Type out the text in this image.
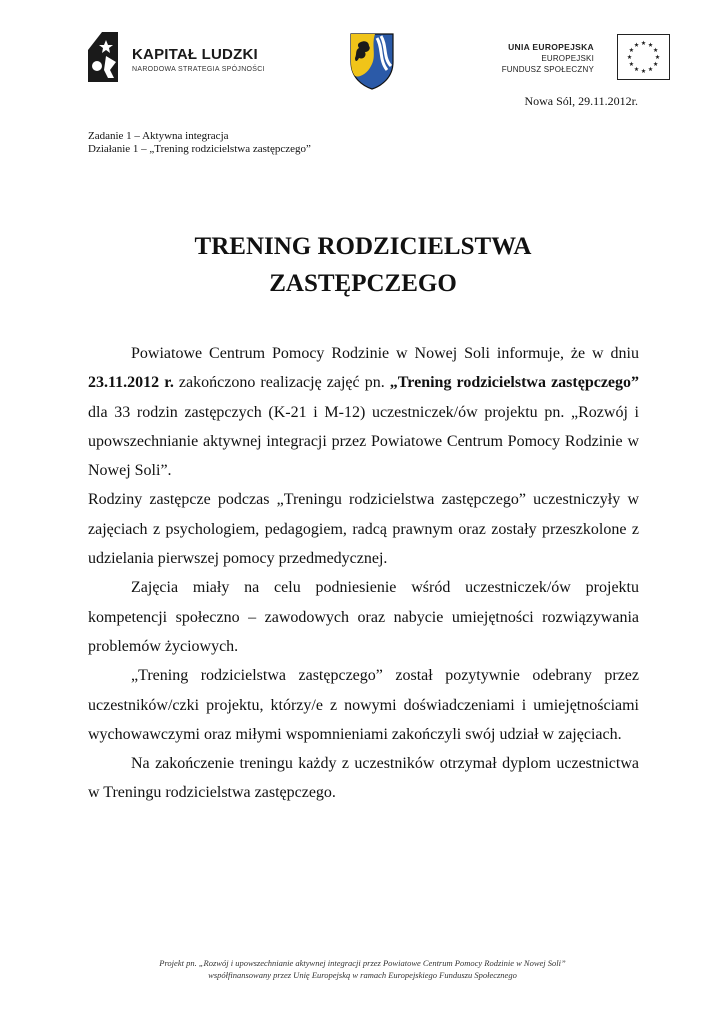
KAPITAŁ LUDZKI
NARODOWA STRATEGIA SPÓJNOŚCI
UNIA EUROPEJSKA
EUROPEJSKI
FUNDUSZ SPOŁECZNY
Nowa Sól, 29.11.2012r.
Zadanie 1 – Aktywna integracja
Działanie 1 – „Trening rodzicielstwa zastępczego”
TRENING RODZICIELSTWA
ZASTĘPCZEGO

Powiatowe Centrum Pomocy Rodzinie w Nowej Soli informuje, że w dniu 23.11.2012 r. zakończono realizację zajęć pn. „Trening rodzicielstwa zastępczego” dla 33 rodzin zastępczych (K-21 i M-12) uczestniczek/ów projektu pn. „Rozwój i upowszechnianie aktywnej integracji przez Powiatowe Centrum Pomocy Rodzinie w Nowej Soli”.

Rodziny zastępcze podczas „Treningu rodzicielstwa zastępczego” uczestniczyły w zajęciach z psychologiem, pedagogiem, radcą prawnym oraz zostały przeszkolone z udzielania pierwszej pomocy przedmedycznej.

Zajęcia miały na celu podniesienie wśród uczestniczek/ów projektu kompetencji społeczno – zawodowych oraz nabycie umiejętności rozwiązywania problemów życiowych.

„Trening rodzicielstwa zastępczego” został pozytywnie odebrany przez uczestników/czki projektu, którzy/e z nowymi doświadczeniami i umiejętnościami wychowawczymi oraz miłymi wspomnieniami zakończyli swój udział w zajęciach.

Na zakończenie treningu każdy z uczestników otrzymał dyplom uczestnictwa w Treningu rodzicielstwa zastępczego.

Projekt pn. „Rozwój i upowszechnianie aktywnej integracji przez Powiatowe Centrum Pomocy Rodzinie w Nowej Soli”
współfinansowany przez Unię Europejską w ramach Europejskiego Funduszu Społecznego
